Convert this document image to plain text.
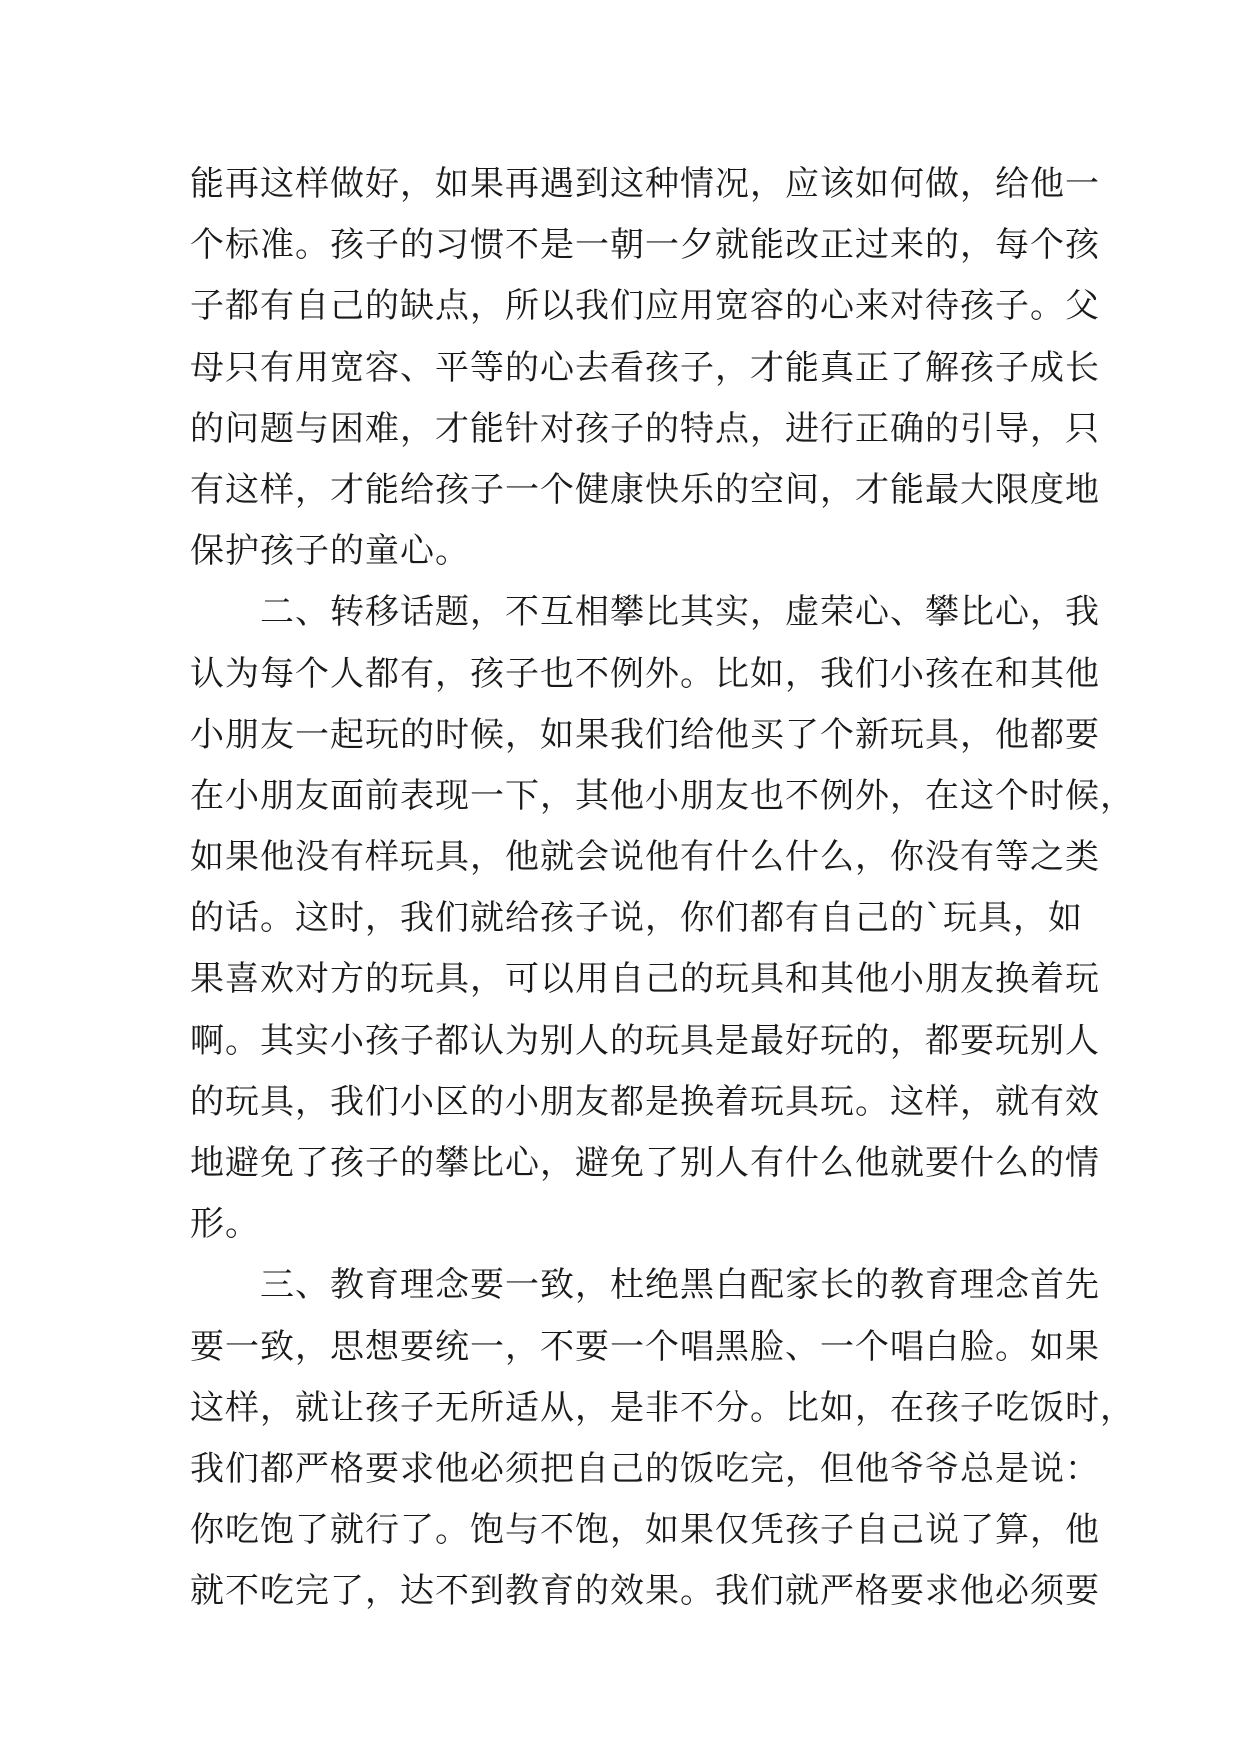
能再这样做好，如果再遇到这种情况，应该如何做，给他一
个标准。孩子的习惯不是一朝一夕就能改正过来的，每个孩
子都有自己的缺点，所以我们应用宽容的心来对待孩子。父
母只有用宽容、平等的心去看孩子，才能真正了解孩子成长
的问题与困难，才能针对孩子的特点，进行正确的引导，只
有这样，才能给孩子一个健康快乐的空间，才能最大限度地
保护孩子的童心。
　　二、转移话题，不互相攀比其实，虚荣心、攀比心，我
认为每个人都有，孩子也不例外。比如，我们小孩在和其他
小朋友一起玩的时候，如果我们给他买了个新玩具，他都要
在小朋友面前表现一下，其他小朋友也不例外，在这个时候，
如果他没有样玩具，他就会说他有什么什么，你没有等之类
的话。这时，我们就给孩子说，你们都有自己的`玩具，如
果喜欢对方的玩具，可以用自己的玩具和其他小朋友换着玩
啊。其实小孩子都认为别人的玩具是最好玩的，都要玩别人
的玩具，我们小区的小朋友都是换着玩具玩。这样，就有效
地避免了孩子的攀比心，避免了别人有什么他就要什么的情
形。
　　三、教育理念要一致，杜绝黑白配家长的教育理念首先
要一致，思想要统一，不要一个唱黑脸、一个唱白脸。如果
这样，就让孩子无所适从，是非不分。比如，在孩子吃饭时，
我们都严格要求他必须把自己的饭吃完，但他爷爷总是说：
你吃饱了就行了。饱与不饱，如果仅凭孩子自己说了算，他
就不吃完了，达不到教育的效果。我们就严格要求他必须要
